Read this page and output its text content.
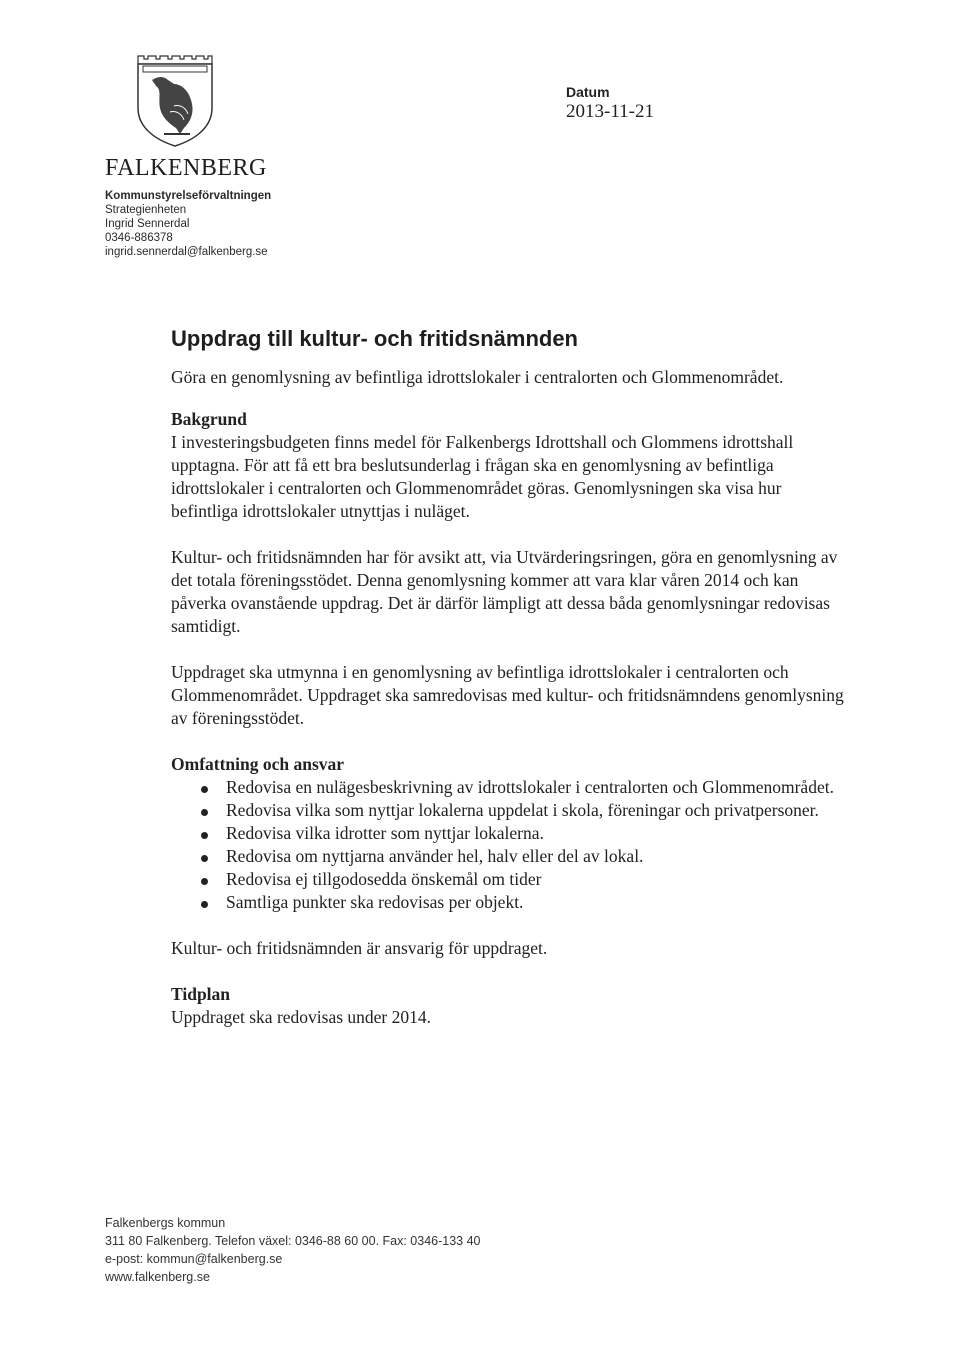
FALKENBERG
Kommunstyrelseförvaltningen
Strategienheten
Ingrid Sennerdal
0346-886378
ingrid.sennerdal@falkenberg.se
Datum
2013-11-21
Uppdrag till kultur- och fritidsnämnden

Göra en genomlysning av befintliga idrottslokaler i centralorten och Glommenområdet.

Bakgrund

I investeringsbudgeten finns medel för Falkenbergs Idrottshall och Glommens idrottshall upptagna. För att få ett bra beslutsunderlag i frågan ska en genomlysning av befintliga idrottslokaler i centralorten och Glommenområdet göras. Genomlysningen ska visa hur befintliga idrottslokaler utnyttjas i nuläget.

Kultur- och fritidsnämnden har för avsikt att, via Utvärderingsringen, göra en genomlysning av det totala föreningsstödet. Denna genomlysning kommer att vara klar våren 2014 och kan påverka ovanstående uppdrag. Det är därför lämpligt att dessa båda genomlysningar redovisas samtidigt.

Uppdraget ska utmynna i en genomlysning av befintliga idrottslokaler i centralorten och Glommenområdet. Uppdraget ska samredovisas med kultur- och fritidsnämndens genomlysning av föreningsstödet.

Omfattning och ansvar
Redovisa en nulägesbeskrivning av idrottslokaler i centralorten och Glommenområdet.
Redovisa vilka som nyttjar lokalerna uppdelat i skola, föreningar och privatpersoner.
Redovisa vilka idrotter som nyttjar lokalerna.
Redovisa om nyttjarna använder hel, halv eller del av lokal.
Redovisa ej tillgodosedda önskemål om tider
Samtliga punkter ska redovisas per objekt.

Kultur- och fritidsnämnden är ansvarig för uppdraget.

Tidplan

Uppdraget ska redovisas under 2014.

Falkenbergs kommun
311 80 Falkenberg. Telefon växel: 0346-88 60 00. Fax: 0346-133 40
e-post: kommun@falkenberg.se
www.falkenberg.se
